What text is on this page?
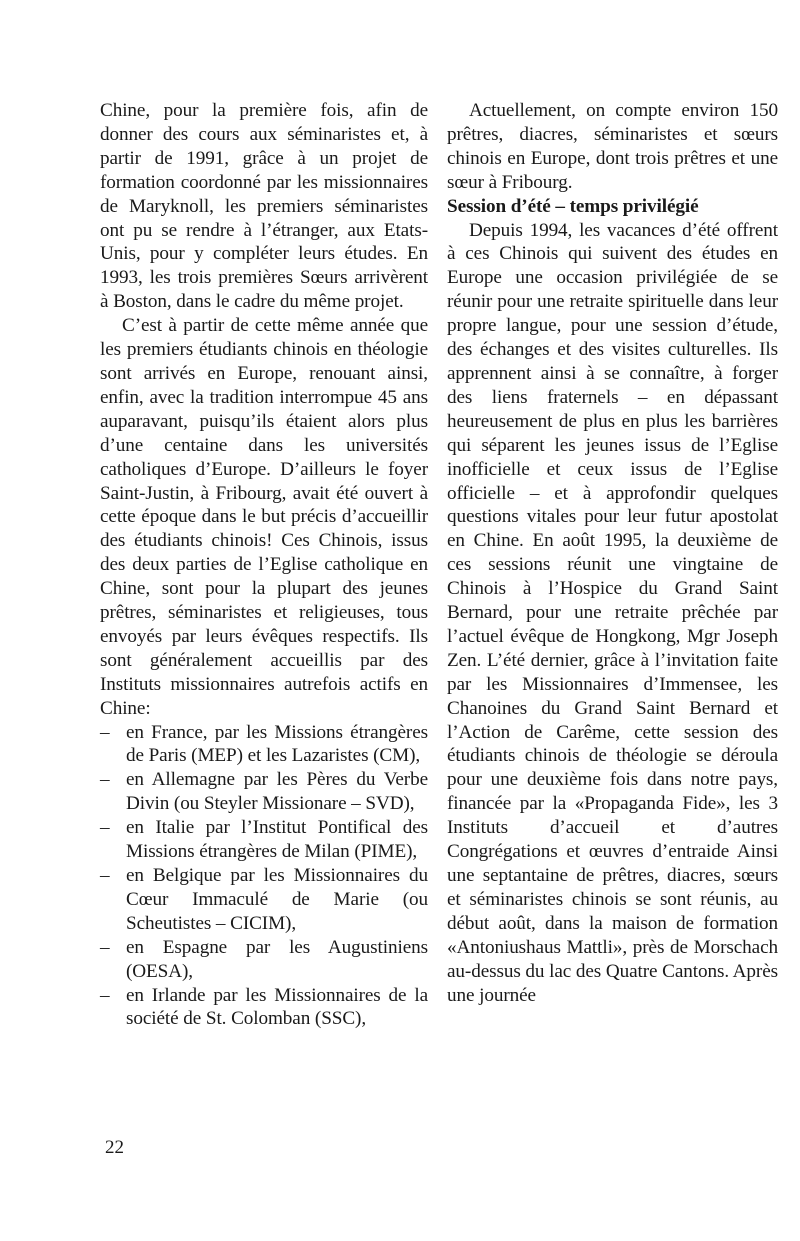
Chine, pour la première fois, afin de donner des cours aux séminaristes et, à partir de 1991, grâce à un projet de formation coordonné par les missionnaires de Maryknoll, les premiers séminaristes ont pu se rendre à l’étranger, aux Etats-Unis, pour y compléter leurs études. En 1993, les trois premières Sœurs arrivèrent à Boston, dans le cadre du même projet.

C’est à partir de cette même année que les premiers étudiants chinois en théologie sont arrivés en Europe, renouant ainsi, enfin, avec la tradition interrompue 45 ans auparavant, puisqu’ils étaient alors plus d’une centaine dans les universités catholiques d’Europe. D’ailleurs le foyer Saint-Justin, à Fribourg, avait été ouvert à cette époque dans le but précis d’accueillir des étudiants chinois! Ces Chinois, issus des deux parties de l’Eglise catholique en Chine, sont pour la plupart des jeunes prêtres, séminaristes et religieuses, tous envoyés par leurs évêques respectifs. Ils sont généralement accueillis par des Instituts missionnaires autrefois actifs en Chine:

– en France, par les Missions étrangères de Paris (MEP) et les Lazaristes (CM),
– en Allemagne par les Pères du Verbe Divin (ou Steyler Missionare – SVD),
– en Italie par l’Institut Pontifical des Missions étrangères de Milan (PIME),
– en Belgique par les Missionnaires du Cœur Immaculé de Marie (ou Scheutistes – CICIM),
– en Espagne par les Augustiniens (OESA),
– en Irlande par les Missionnaires de la société de St. Colomban (SSC),

Actuellement, on compte environ 150 prêtres, diacres, séminaristes et sœurs chinois en Europe, dont trois prêtres et une sœur à Fribourg.

Session d’été – temps privilégié

Depuis 1994, les vacances d’été offrent à ces Chinois qui suivent des études en Europe une occasion privilégiée de se réunir pour une retraite spirituelle dans leur propre langue, pour une session d’étude, des échanges et des visites culturelles. Ils apprennent ainsi à se connaître, à forger des liens fraternels – en dépassant heureusement de plus en plus les barrières qui séparent les jeunes issus de l’Eglise inofficielle et ceux issus de l’Eglise officielle – et à approfondir quelques questions vitales pour leur futur apostolat en Chine. En août 1995, la deuxième de ces sessions réunit une vingtaine de Chinois à l’Hospice du Grand Saint Bernard, pour une retraite prêchée par l’actuel évêque de Hongkong, Mgr Joseph Zen. L’été dernier, grâce à l’invitation faite par les Missionnaires d’Immensee, les Chanoines du Grand Saint Bernard et l’Action de Carême, cette session des étudiants chinois de théologie se déroula pour une deuxième fois dans notre pays, financée par la «Propaganda Fide», les 3 Instituts d’accueil et d’autres Congrégations et œuvres d’entraide Ainsi une septantaine de prêtres, diacres, sœurs et séminaristes chinois se sont réunis, au début août, dans la maison de formation «Antoniushaus Mattli», près de Morschach au-dessus du lac des Quatre Cantons. Après une journée

22
